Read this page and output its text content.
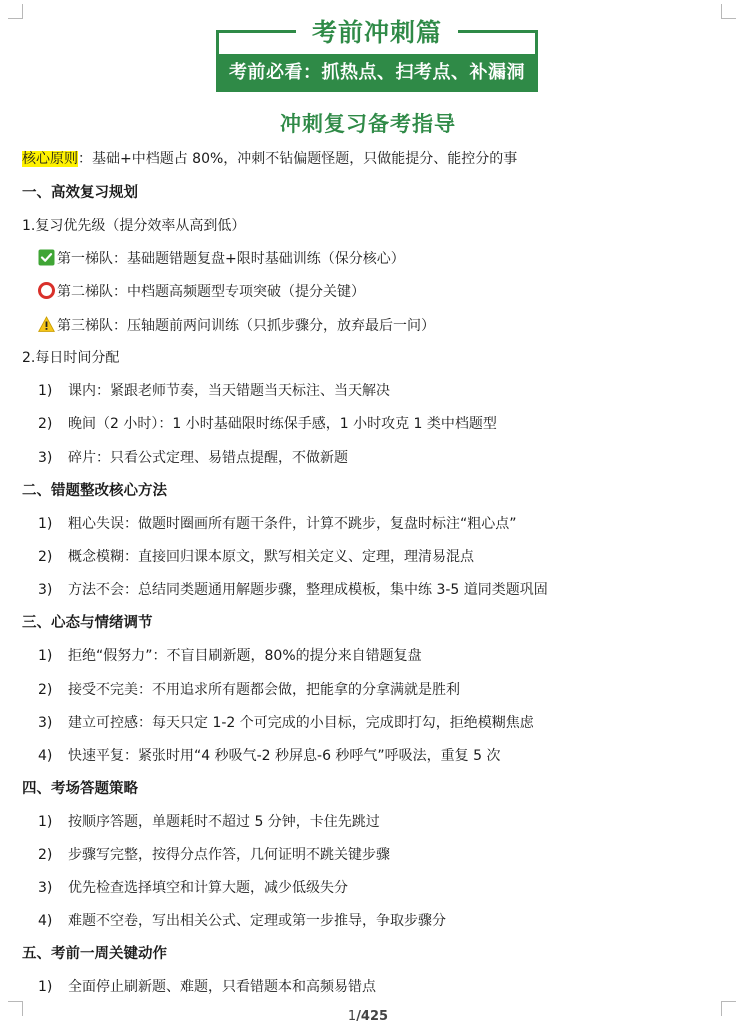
考前冲刺篇
考前必看：抓热点、扫考点、补漏洞
冲刺复习备考指导
核心原则：基础+中档题占 80%，冲刺不钻偏题怪题，只做能提分、能控分的事
一、高效复习规划
1.复习优先级（提分效率从高到低）
第一梯队：基础题错题复盘+限时基础训练（保分核心）
第二梯队：中档题高频题型专项突破（提分关键）
第三梯队：压轴题前两问训练（只抓步骤分，放弃最后一问）
2.每日时间分配
1) 课内：紧跟老师节奏，当天错题当天标注、当天解决
2) 晚间（2 小时）：1 小时基础限时练保手感，1 小时攻克 1 类中档题型
3) 碎片：只看公式定理、易错点提醒，不做新题
二、错题整改核心方法
1) 粗心失误：做题时圈画所有题干条件，计算不跳步，复盘时标注“粗心点”
2) 概念模糊：直接回归课本原文，默写相关定义、定理，理清易混点
3) 方法不会：总结同类题通用解题步骤，整理成模板，集中练 3-5 道同类题巩固
三、心态与情绪调节
1) 拒绝“假努力”：不盲目刷新题，80%的提分来自错题复盘
2) 接受不完美：不用追求所有题都会做，把能拿的分拿满就是胜利
3) 建立可控感：每天只定 1-2 个可完成的小目标，完成即打勾，拒绝模糊焦虑
4) 快速平复：紧张时用“4 秒吸气-2 秒屏息-6 秒呼气”呼吸法，重复 5 次
四、考场答题策略
1) 按顺序答题，单题耗时不超过 5 分钟，卡住先跳过
2) 步骤写完整，按得分点作答，几何证明不跳关键步骤
3) 优先检查选择填空和计算大题，减少低级失分
4) 难题不空卷，写出相关公式、定理或第一步推导，争取步骤分
五、考前一周关键动作
1) 全面停止刷新题、难题，只看错题本和高频易错点
1/425
